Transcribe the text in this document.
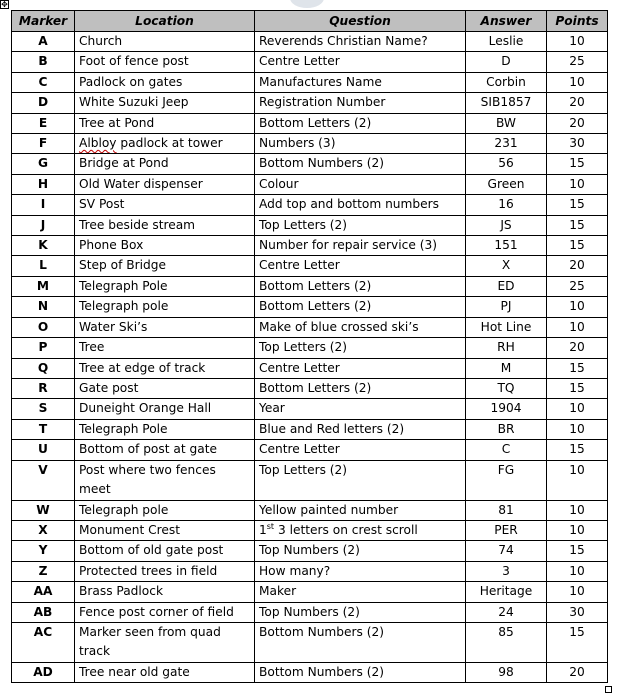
✥
Marker	Location	Question	Answer	Points
A	Church	Reverends Christian Name?	Leslie	10
B	Foot of fence post	Centre Letter	D	25
C	Padlock on gates	Manufactures Name	Corbin	10
D	White Suzuki Jeep	Registration Number	SIB1857	20
E	Tree at Pond	Bottom Letters (2)	BW	20
F	Albloy padlock at tower	Numbers (3)	231	30
G	Bridge at Pond	Bottom Numbers (2)	56	15
H	Old Water dispenser	Colour	Green	10
I	SV Post	Add top and bottom numbers	16	15
J	Tree beside stream	Top Letters (2)	JS	15
K	Phone Box	Number for repair service (3)	151	15
L	Step of Bridge	Centre Letter	X	20
M	Telegraph Pole	Bottom Letters (2)	ED	25
N	Telegraph pole	Bottom Letters (2)	PJ	10
O	Water Ski’s	Make of blue crossed ski’s	Hot Line	10
P	Tree	Top Letters (2)	RH	20
Q	Tree at edge of track	Centre Letter	M	15
R	Gate post	Bottom Letters (2)	TQ	15
S	Duneight Orange Hall	Year	1904	10
T	Telegraph Pole	Blue and Red letters (2)	BR	10
U	Bottom of post at gate	Centre Letter	C	15
V	Post where two fences meet	Top Letters (2)	FG	10
W	Telegraph pole	Yellow painted number	81	10
X	Monument Crest	1st 3 letters on crest scroll	PER	10
Y	Bottom of old gate post	Top Numbers (2)	74	15
Z	Protected trees in field	How many?	3	10
AA	Brass Padlock	Maker	Heritage	10
AB	Fence post corner of field	Top Numbers (2)	24	30
AC	Marker seen from quad track	Bottom Numbers (2)	85	15
AD	Tree near old gate	Bottom Numbers (2)	98	20
